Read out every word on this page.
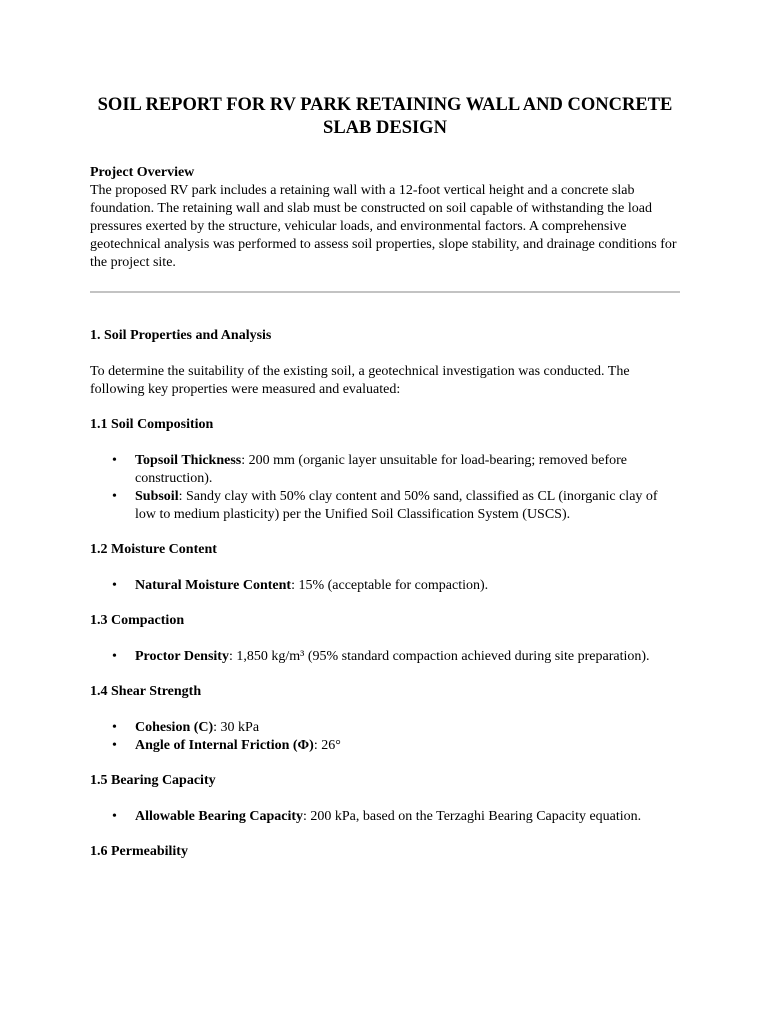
SOIL REPORT FOR RV PARK RETAINING WALL AND CONCRETE SLAB DESIGN

Project Overview

The proposed RV park includes a retaining wall with a 12-foot vertical height and a concrete slab foundation. The retaining wall and slab must be constructed on soil capable of withstanding the load pressures exerted by the structure, vehicular loads, and environmental factors. A comprehensive geotechnical analysis was performed to assess soil properties, slope stability, and drainage conditions for the project site.

1. Soil Properties and Analysis

To determine the suitability of the existing soil, a geotechnical investigation was conducted. The following key properties were measured and evaluated:

1.1 Soil Composition

• Topsoil Thickness: 200 mm (organic layer unsuitable for load-bearing; removed before construction).
• Subsoil: Sandy clay with 50% clay content and 50% sand, classified as CL (inorganic clay of low to medium plasticity) per the Unified Soil Classification System (USCS).

1.2 Moisture Content

• Natural Moisture Content: 15% (acceptable for compaction).

1.3 Compaction

• Proctor Density: 1,850 kg/m³ (95% standard compaction achieved during site preparation).

1.4 Shear Strength

• Cohesion (C): 30 kPa
• Angle of Internal Friction (Φ): 26°

1.5 Bearing Capacity

• Allowable Bearing Capacity: 200 kPa, based on the Terzaghi Bearing Capacity equation.

1.6 Permeability
